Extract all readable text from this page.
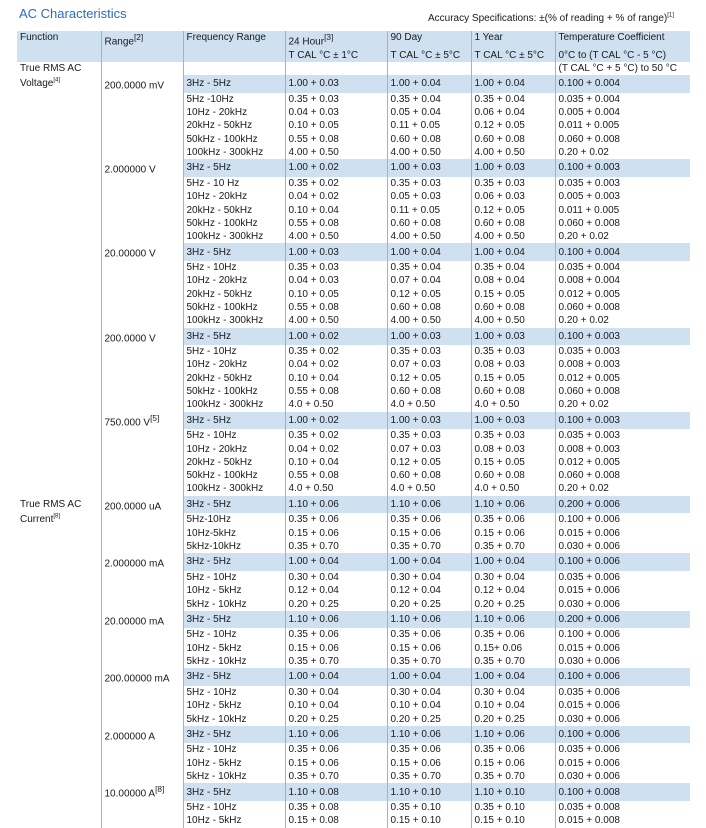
AC Characteristics	Accuracy Specifications: ±(% of reading + % of range)[1]
Function	Range[2]	Frequency Range	24 Hour[3]	90 Day	1 Year	Temperature Coefficient
			T CAL °C ± 1°C	T CAL °C ± 5°C	T CAL °C ± 5°C	0°C to (T CAL °C - 5 °C)
True RMS AC						(T CAL °C + 5 °C) to 50 °C
Voltage[4]	200.0000 mV	3Hz - 5Hz	1.00 + 0.03	1.00 + 0.04	1.00 + 0.04	0.100 + 0.004
		5Hz -10Hz	0.35 + 0.03	0.35 + 0.04	0.35 + 0.04	0.035 + 0.004
		10Hz - 20kHz	0.04 + 0.03	0.05 + 0.04	0.06 + 0.04	0.005 + 0.004
		20kHz - 50kHz	0.10 + 0.05	0.11 + 0.05	0.12 + 0.05	0.011 + 0.005
		50kHz - 100kHz	0.55 + 0.08	0.60 + 0.08	0.60 + 0.08	0.060 + 0.008
		100kHz - 300kHz	4.00 + 0.50	4.00 + 0.50	4.00 + 0.50	0.20 + 0.02
	2.000000 V	3Hz - 5Hz	1.00 + 0.02	1.00 + 0.03	1.00 + 0.03	0.100 + 0.003
		5Hz - 10 Hz	0.35 + 0.02	0.35 + 0.03	0.35 + 0.03	0.035 + 0.003
		10Hz - 20kHz	0.04 + 0.02	0.05 + 0.03	0.06 + 0.03	0.005 + 0.003
		20kHz - 50kHz	0.10 + 0.04	0.11 + 0.05	0.12 + 0.05	0.011 + 0.005
		50kHz - 100kHz	0.55 + 0.08	0.60 + 0.08	0.60 + 0.08	0.060 + 0.008
		100kHz - 300kHz	4.00 + 0.50	4.00 + 0.50	4.00 + 0.50	0.20 + 0.02
	20.00000 V	3Hz - 5Hz	1.00 + 0.03	1.00 + 0.04	1.00 + 0.04	0.100 + 0.004
		5Hz - 10Hz	0.35 + 0.03	0.35 + 0.04	0.35 + 0.04	0.035 + 0.004
		10Hz - 20kHz	0.04 + 0.03	0.07 + 0.04	0.08 + 0.04	0.008 + 0.004
		20kHz - 50kHz	0.10 + 0.05	0.12 + 0.05	0.15 + 0.05	0.012 + 0.005
		50kHz - 100kHz	0.55 + 0.08	0.60 + 0.08	0.60 + 0.08	0.060 + 0.008
		100kHz - 300kHz	4.00 + 0.50	4.00 + 0.50	4.00 + 0.50	0.20 + 0.02
	200.0000 V	3Hz - 5Hz	1.00 + 0.02	1.00 + 0.03	1.00 + 0.03	0.100 + 0.003
		5Hz - 10Hz	0.35 + 0.02	0.35 + 0.03	0.35 + 0.03	0.035 + 0.003
		10Hz - 20kHz	0.04 + 0.02	0.07 + 0.03	0.08 + 0.03	0.008 + 0.003
		20kHz - 50kHz	0.10 + 0.04	0.12 + 0.05	0.15 + 0.05	0.012 + 0.005
		50kHz - 100kHz	0.55 + 0.08	0.60 + 0.08	0.60 + 0.08	0.060 + 0.008
		100kHz - 300kHz	4.0 + 0.50	4.0 + 0.50	4.0 + 0.50	0.20 + 0.02
	750.000 V[5]	3Hz - 5Hz	1.00 + 0.02	1.00 + 0.03	1.00 + 0.03	0.100 + 0.003
		5Hz - 10Hz	0.35 + 0.02	0.35 + 0.03	0.35 + 0.03	0.035 + 0.003
		10Hz - 20kHz	0.04 + 0.02	0.07 + 0.03	0.08 + 0.03	0.008 + 0.003
		20kHz - 50kHz	0.10 + 0.04	0.12 + 0.05	0.15 + 0.05	0.012 + 0.005
		50kHz - 100kHz	0.55 + 0.08	0.60 + 0.08	0.60 + 0.08	0.060 + 0.008
		100kHz - 300kHz	4.0 + 0.50	4.0 + 0.50	4.0 + 0.50	0.20 + 0.02
True RMS AC	200.0000 uA	3Hz - 5Hz	1.10 + 0.06	1.10 + 0.06	1.10 + 0.06	0.200 + 0.006
Current[8]		5Hz-10Hz	0.35 + 0.06	0.35 + 0.06	0.35 + 0.06	0.100 + 0.006
		10Hz-5kHz	0.15 + 0.06	0.15 + 0.06	0.15 + 0.06	0.015 + 0.006
		5kHz-10kHz	0.35 + 0.70	0.35 + 0.70	0.35 + 0.70	0.030 + 0.006
	2.000000 mA	3Hz - 5Hz	1.00 + 0.04	1.00 + 0.04	1.00 + 0.04	0.100 + 0.006
		5Hz - 10Hz	0.30 + 0.04	0.30 + 0.04	0.30 + 0.04	0.035 + 0.006
		10Hz - 5kHz	0.12 + 0.04	0.12 + 0.04	0.12 + 0.04	0.015 + 0.006
		5kHz - 10kHz	0.20 + 0.25	0.20 + 0.25	0.20 + 0.25	0.030 + 0.006
	20.00000 mA	3Hz - 5Hz	1.10 + 0.06	1.10 + 0.06	1.10 + 0.06	0.200 + 0.006
		5Hz - 10Hz	0.35 + 0.06	0.35 + 0.06	0.35 + 0.06	0.100 + 0.006
		10Hz - 5kHz	0.15 + 0.06	0.15 + 0.06	0.15+ 0.06	0.015 + 0.006
		5kHz - 10kHz	0.35 + 0.70	0.35 + 0.70	0.35 + 0.70	0.030 + 0.006
	200.00000 mA	3Hz - 5Hz	1.00 + 0.04	1.00 + 0.04	1.00 + 0.04	0.100 + 0.006
		5Hz - 10Hz	0.30 + 0.04	0.30 + 0.04	0.30 + 0.04	0.035 + 0.006
		10Hz - 5kHz	0.10 + 0.04	0.10 + 0.04	0.10 + 0.04	0.015 + 0.006
		5kHz - 10kHz	0.20 + 0.25	0.20 + 0.25	0.20 + 0.25	0.030 + 0.006
	2.000000 A	3Hz - 5Hz	1.10 + 0.06	1.10 + 0.06	1.10 + 0.06	0.100 + 0.006
		5Hz - 10Hz	0.35 + 0.06	0.35 + 0.06	0.35 + 0.06	0.035 + 0.006
		10Hz - 5kHz	0.15 + 0.06	0.15 + 0.06	0.15 + 0.06	0.015 + 0.006
		5kHz - 10kHz	0.35 + 0.70	0.35 + 0.70	0.35 + 0.70	0.030 + 0.006
	10.00000 A[8]	3Hz - 5Hz	1.10 + 0.08	1.10 + 0.10	1.10 + 0.10	0.100 + 0.008
		5Hz - 10Hz	0.35 + 0.08	0.35 + 0.10	0.35 + 0.10	0.035 + 0.008
		10Hz - 5kHz	0.15 + 0.08	0.15 + 0.10	0.15 + 0.10	0.015 + 0.008
